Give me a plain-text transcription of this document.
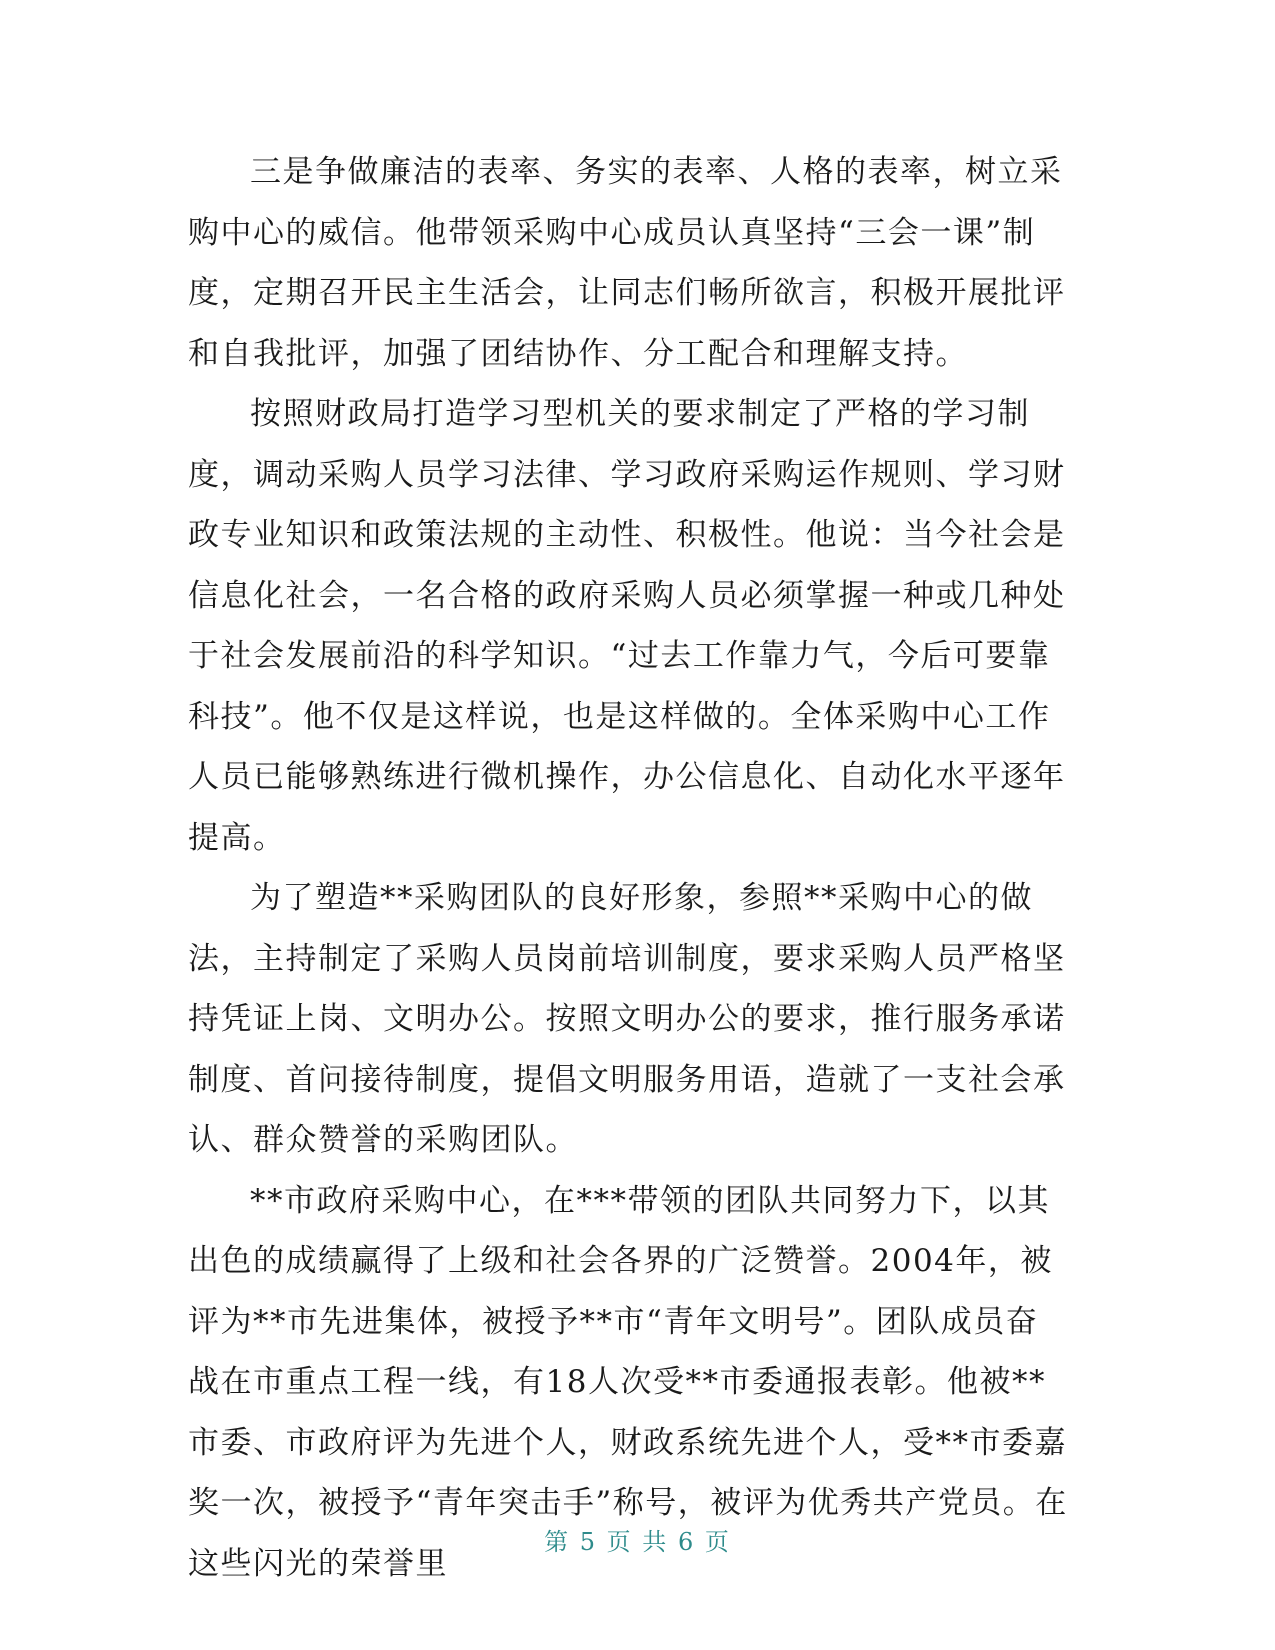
三是争做廉洁的表率、务实的表率、人格的表率，树立采购中心的威信。他带领采购中心成员认真坚持“三会一课”制度，定期召开民主生活会，让同志们畅所欲言，积极开展批评和自我批评，加强了团结协作、分工配合和理解支持。

按照财政局打造学习型机关的要求制定了严格的学习制度，调动采购人员学习法律、学习政府采购运作规则、学习财政专业知识和政策法规的主动性、积极性。他说：当今社会是信息化社会，一名合格的政府采购人员必须掌握一种或几种处于社会发展前沿的科学知识。“过去工作靠力气，今后可要靠科技”。他不仅是这样说，也是这样做的。全体采购中心工作人员已能够熟练进行微机操作，办公信息化、自动化水平逐年提高。

为了塑造**采购团队的良好形象，参照**采购中心的做法，主持制定了采购人员岗前培训制度，要求采购人员严格坚持凭证上岗、文明办公。按照文明办公的要求，推行服务承诺制度、首问接待制度，提倡文明服务用语，造就了一支社会承认、群众赞誉的采购团队。

**市政府采购中心，在***带领的团队共同努力下，以其出色的成绩赢得了上级和社会各界的广泛赞誉。2004年，被评为**市先进集体，被授予**市“青年文明号”。团队成员奋战在市重点工程一线，有18人次受**市委通报表彰。他被**市委、市政府评为先进个人，财政系统先进个人，受**市委嘉奖一次，被授予“青年突击手”称号，被评为优秀共产党员。在这些闪光的荣誉里

第 5 页 共 6 页
